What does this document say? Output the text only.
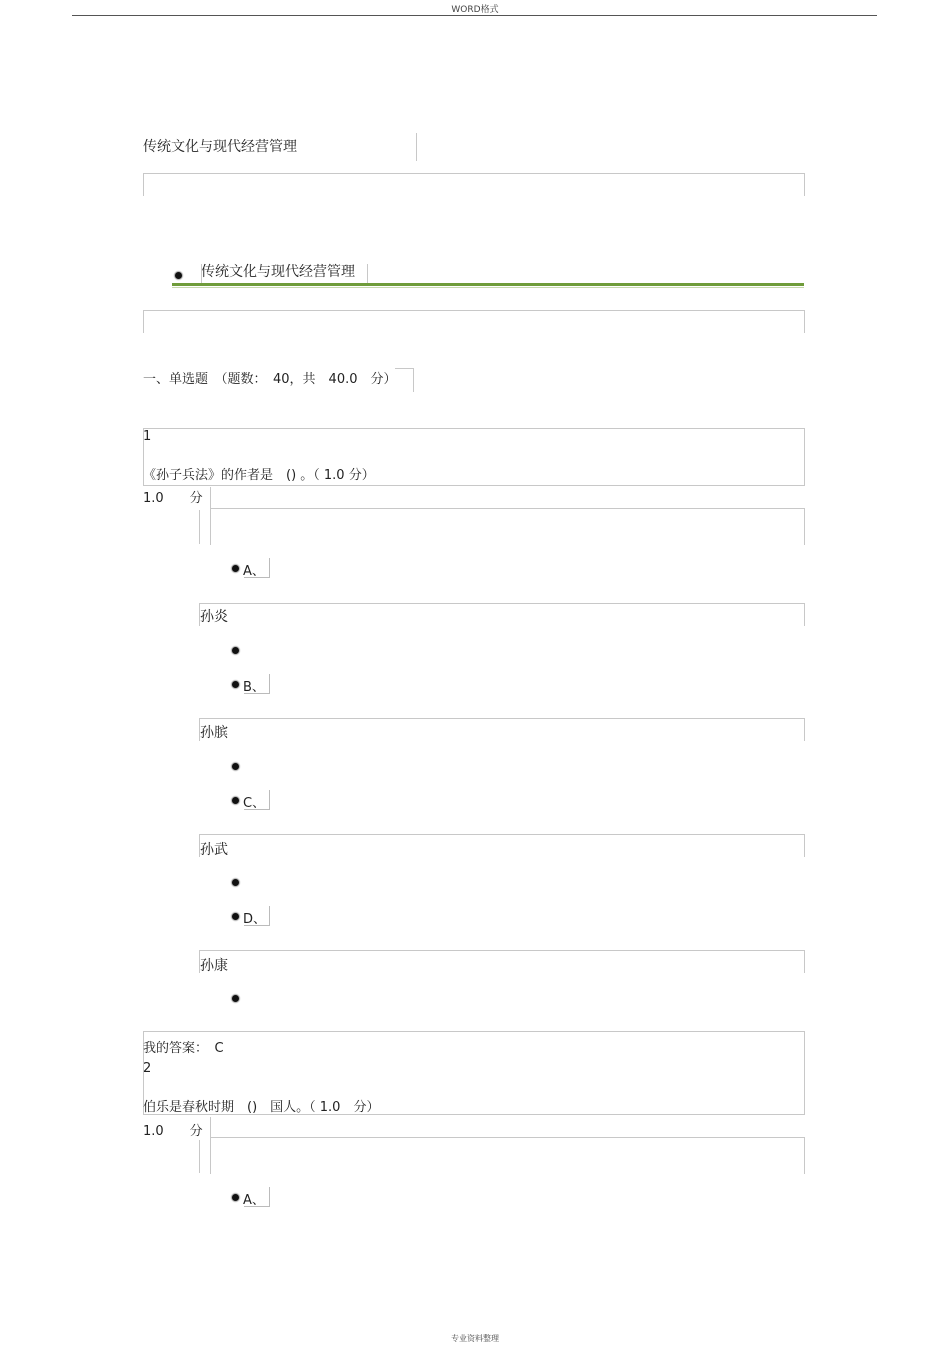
WORD格式
专业资料整理
传统文化与现代经营管理
传统文化与现代经营管理
一、单选题　（题数：　40，共　40.0　分）
1
《孙子兵法》的作者是　() 。（ 1.0 分）
1.0　　分
A、
孙炎
B、
孙膑
C、
孙武
D、
孙康
我的答案：　C
2
伯乐是春秋时期　()　国人。（ 1.0　分）
1.0　　分
A、
